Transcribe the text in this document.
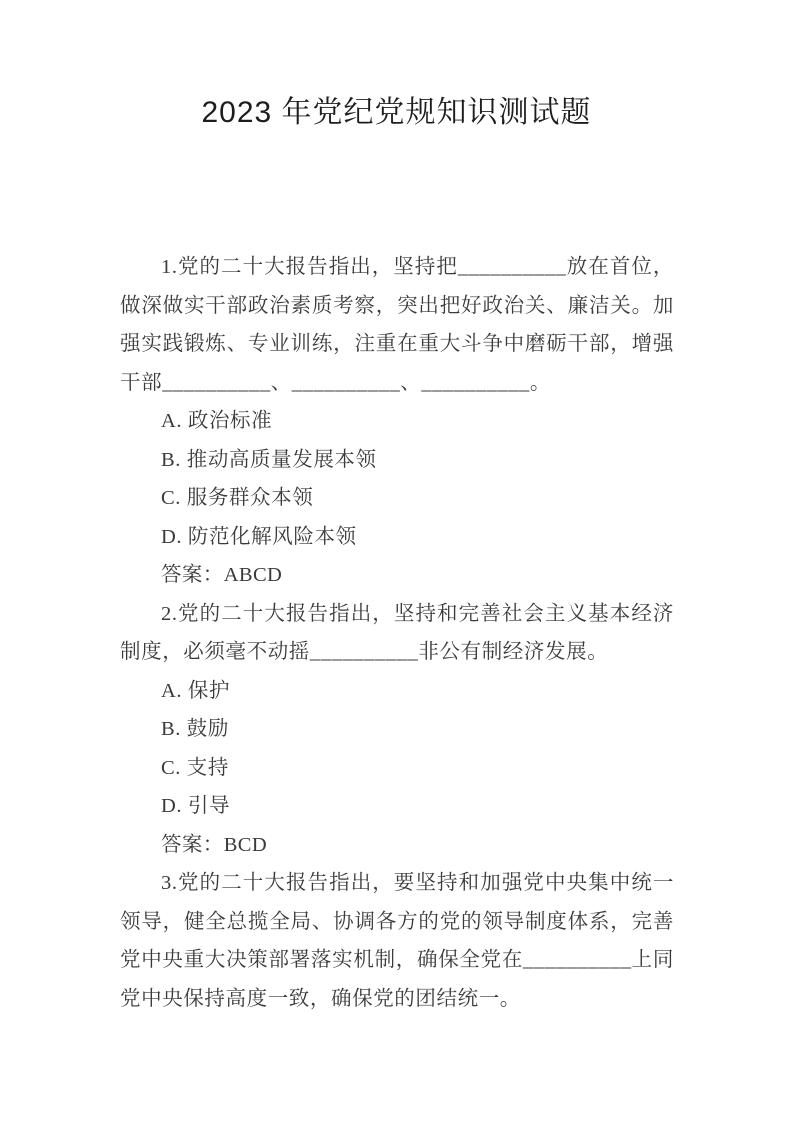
2023 年党纪党规知识测试题

1.党的二十大报告指出，坚持把__________放在首位，做深做实干部政治素质考察，突出把好政治关、廉洁关。加强实践锻炼、专业训练，注重在重大斗争中磨砺干部，增强干部__________、__________、__________。

A. 政治标准

B. 推动高质量发展本领

C. 服务群众本领

D. 防范化解风险本领

答案：ABCD

2.党的二十大报告指出，坚持和完善社会主义基本经济制度，必须毫不动摇__________非公有制经济发展。

A. 保护

B. 鼓励

C. 支持

D. 引导

答案：BCD

3.党的二十大报告指出，要坚持和加强党中央集中统一领导，健全总揽全局、协调各方的党的领导制度体系，完善党中央重大决策部署落实机制，确保全党在__________上同党中央保持高度一致，确保党的团结统一。
